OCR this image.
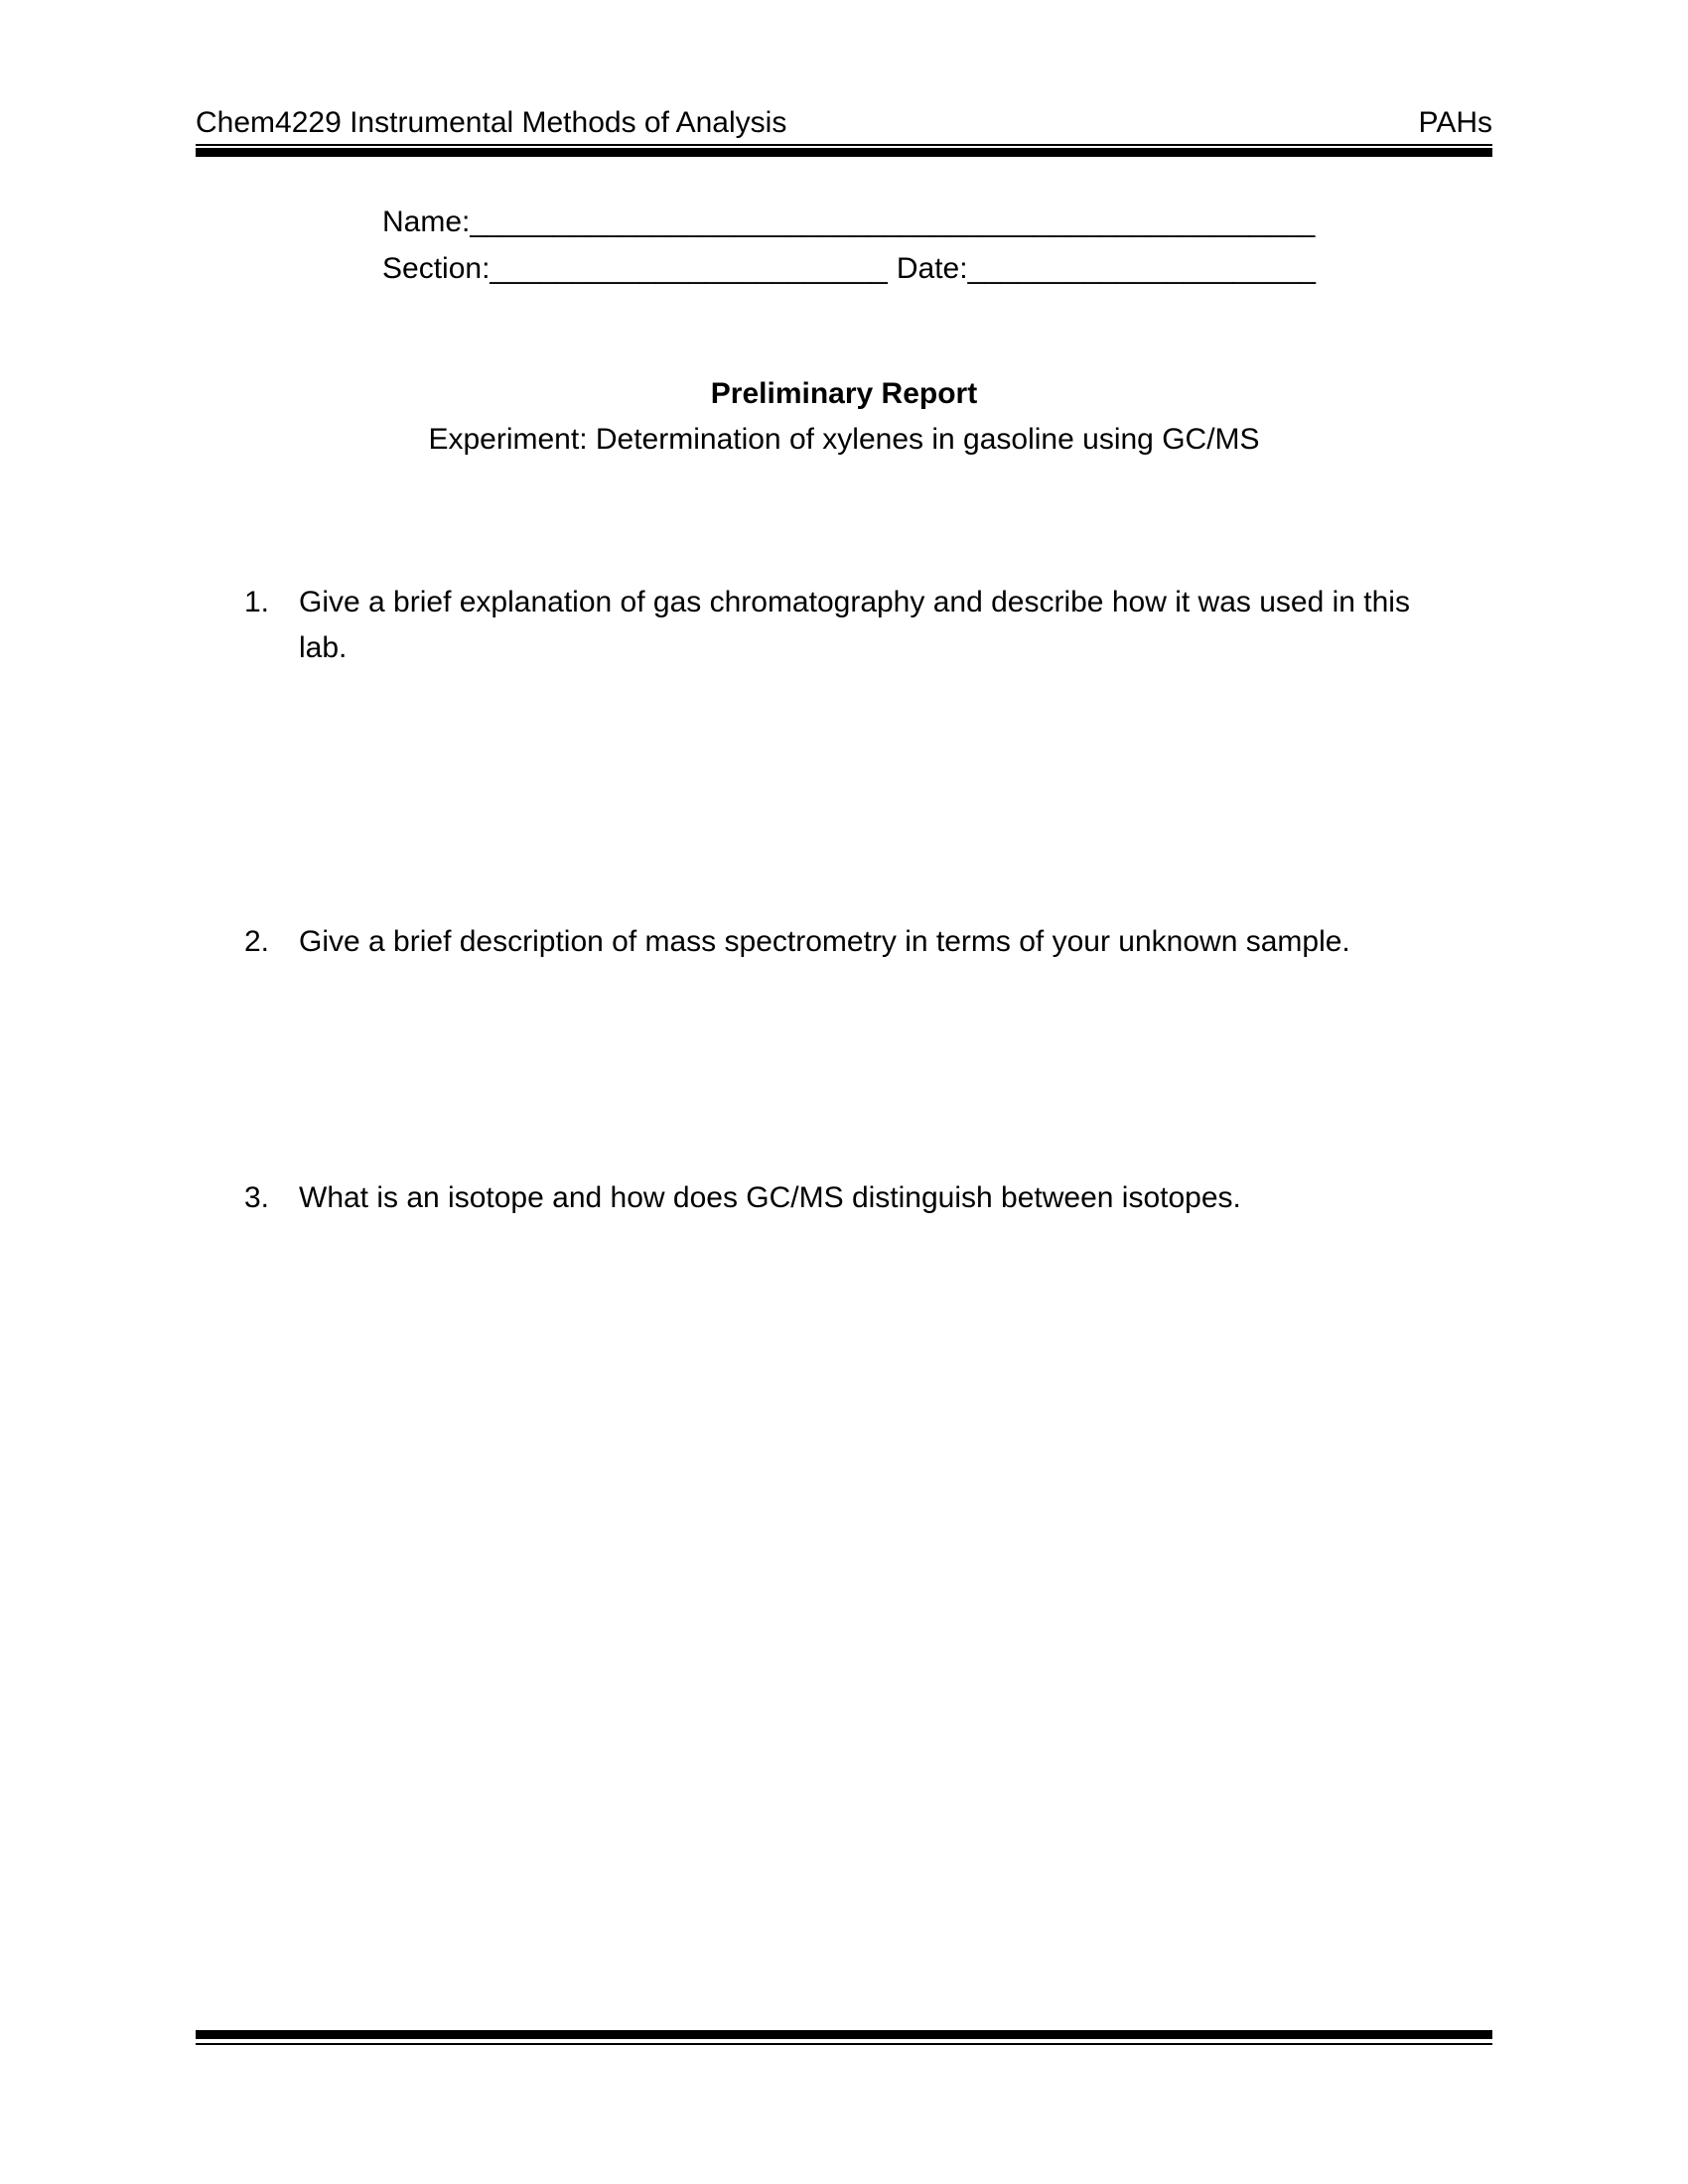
Chem4229 Instrumental Methods of Analysis	PAHs
Name:___________________________________________________
Section:________________________ Date:_____________________
Preliminary Report
Experiment: Determination of xylenes in gasoline using GC/MS
1. Give a brief explanation of gas chromatography and describe how it was used in this lab.
2. Give a brief description of mass spectrometry in terms of your unknown sample.
3. What is an isotope and how does GC/MS distinguish between isotopes.
